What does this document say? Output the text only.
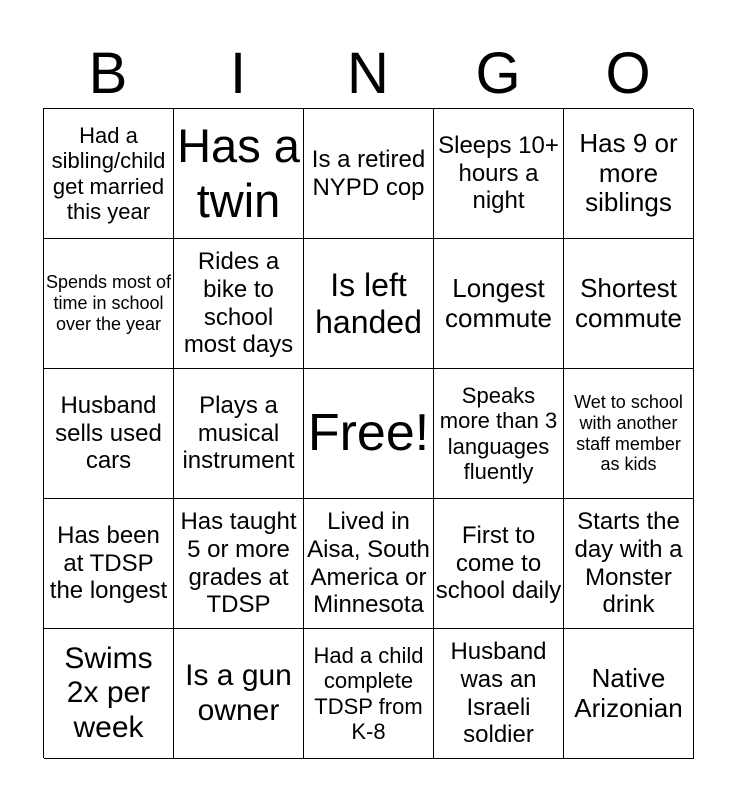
B	I	N	G	O
Had a sibling/child get married this year
Has a twin
Is a retired NYPD cop
Sleeps 10+ hours a night
Has 9 or more siblings
Spends most of time in school over the year
Rides a bike to school most days
Is left handed
Longest commute
Shortest commute
Husband sells used cars
Plays a musical instrument Free!
Speaks more than 3 languages fluently
Wet to school with another staff member as kids
Has been at TDSP the longest
Has taught 5 or more grades at TDSP
Lived in Aisa, South America or Minnesota
First to come to school daily
Starts the day with a Monster drink
Swims 2x per week
Is a gun owner
Had a child complete TDSP from K-8
Husband was an Israeli soldier
Native Arizonian
